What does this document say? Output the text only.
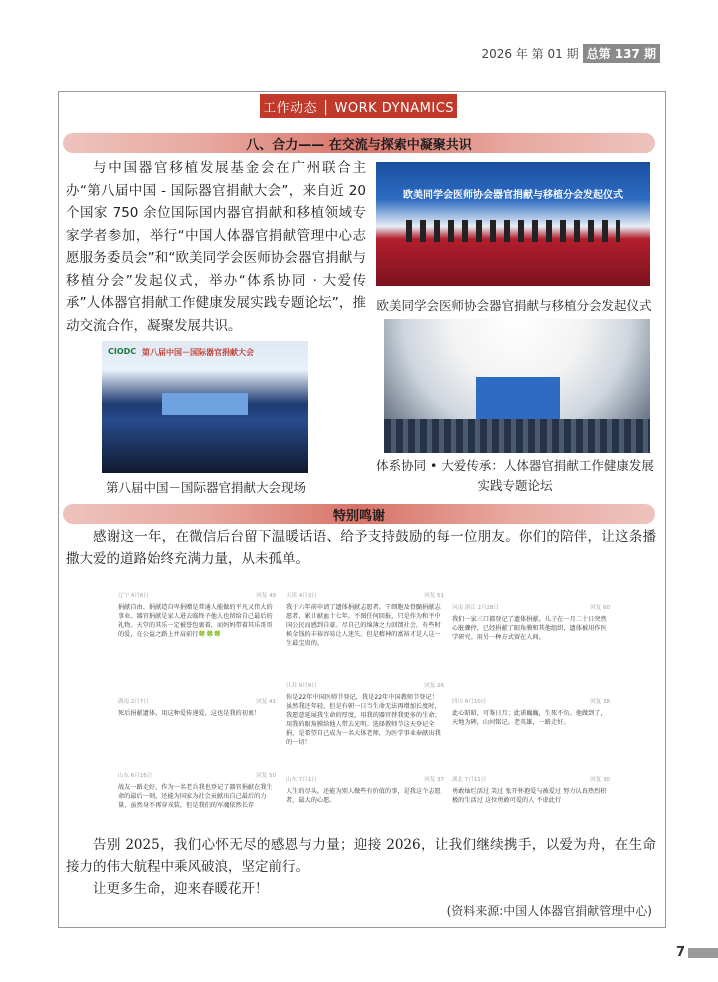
2026 年 第 01 期 总第 137 期
工作动态 │ WORK DYNAMICS
八、合力—— 在交流与探索中凝聚共识

与中国器官移植发展基金会在广州联合主办“第八届中国 - 国际器官捐献大会”，来自近 20 个国家 750 余位国际国内器官捐献和移植领域专家学者参加，举行“中国人体器官捐献管理中心志愿服务委员会”和“欧美同学会医师协会器官捐献与移植分会”发起仪式，举办“体系协同 · 大爱传承”人体器官捐献工作健康发展实践专题论坛”，推动交流合作，凝聚发展共识。

欧美同学会医师协会器官捐献与移植分会发起仪式
欧美同学会医师协会器官捐献与移植分会发起仪式
体系协同 • 大爱传承：人体器官捐献工作健康发展实践专题论坛
CIODC 第八届中国－国际器官捐献大会
第八届中国－国际器官捐献大会现场
特别鸣谢

感谢这一年，在微信后台留下温暖话语、给予支持鼓励的每一位朋友。你们的陪伴，让这条播撒大爱的道路始终充满力量，从未孤单。

辽宁 4月6日	回复 49
捐献自由、捐献造自卑捐赠是普通人能做的平凡又伟大的事业。器官捐献是家人进去临终予他人也留给自己最后的礼物。天堂的其乐一定被誉包裹着，而妈妈带着其乐哥哥的爱，在公益之路上并肩前行🍀🍀🍀
天津 4月3日	回复 51
我于六年前申请了遗体捐献志愿者。干细胞及骨髓捐献志愿者，累计献血十七年。不图任何回报，只是作为和平中国公民而感到自豪。尽自己的绵薄之力回馈社会，有些时候金钱的丰裕容易让人迷失。但是精神的富裕才是人这一生最宝贵的。
河南 浙江 2月28日	回复 60
我们一家三口都登记了遗体捐献。儿子在一月二十日突然心脏骤停，已经捐献了眼角膜和其他组织，遗体被用作医学研究。用另一种方式留在人间。
湖南 2月7日	回复 41
死后捐献遗体，用这种爱传递爱，这也是我的初衷！
江苏 9月9日	回复 26
你是22年中国医师节登记，我是22年中国教师节登记！虽然我还年轻，但是有朝一日当生命无法再增加长度时，我愿意延展我生命的厚度，用我的器官替我更多的生命；用我的眼角膜给他人带去光明。选择教师节这天登记全捐，是希望自己成为一名大体老师，为医学事业奉献出我的一切！
四川 6月10日	回复 38
此心昭昭，可鉴日月；此诺巍巍，生死不负。他做到了，天地为碑，山河铭记。老英雄，一路走好。
山东 6月16日	回复 50
战友一路走好，作为一名老兵我也登记了器官捐献在我生命的最后一刻，还能为国家为社会贡献出自己最后的力量，虽然身不再穿戎装，但是我们的军魂依然长存
山东 7月1日	回复 37
人生的尽头，还能为别人做些有价值的事，是我这个志愿者，最大的心愿。
湖北 7月11日	回复 30
勇敢灿烂活过 笑过 张开怀抱爱与被爱过 努力认真热烈积极的生活过 这位勇敢可爱的人 不虚此行

告别 2025，我们心怀无尽的感恩与力量；迎接 2026，让我们继续携手，以爱为舟，在生命接力的伟大航程中乘风破浪，坚定前行。

让更多生命，迎来春暖花开！

(资料来源:中国人体器官捐献管理中心)
7
